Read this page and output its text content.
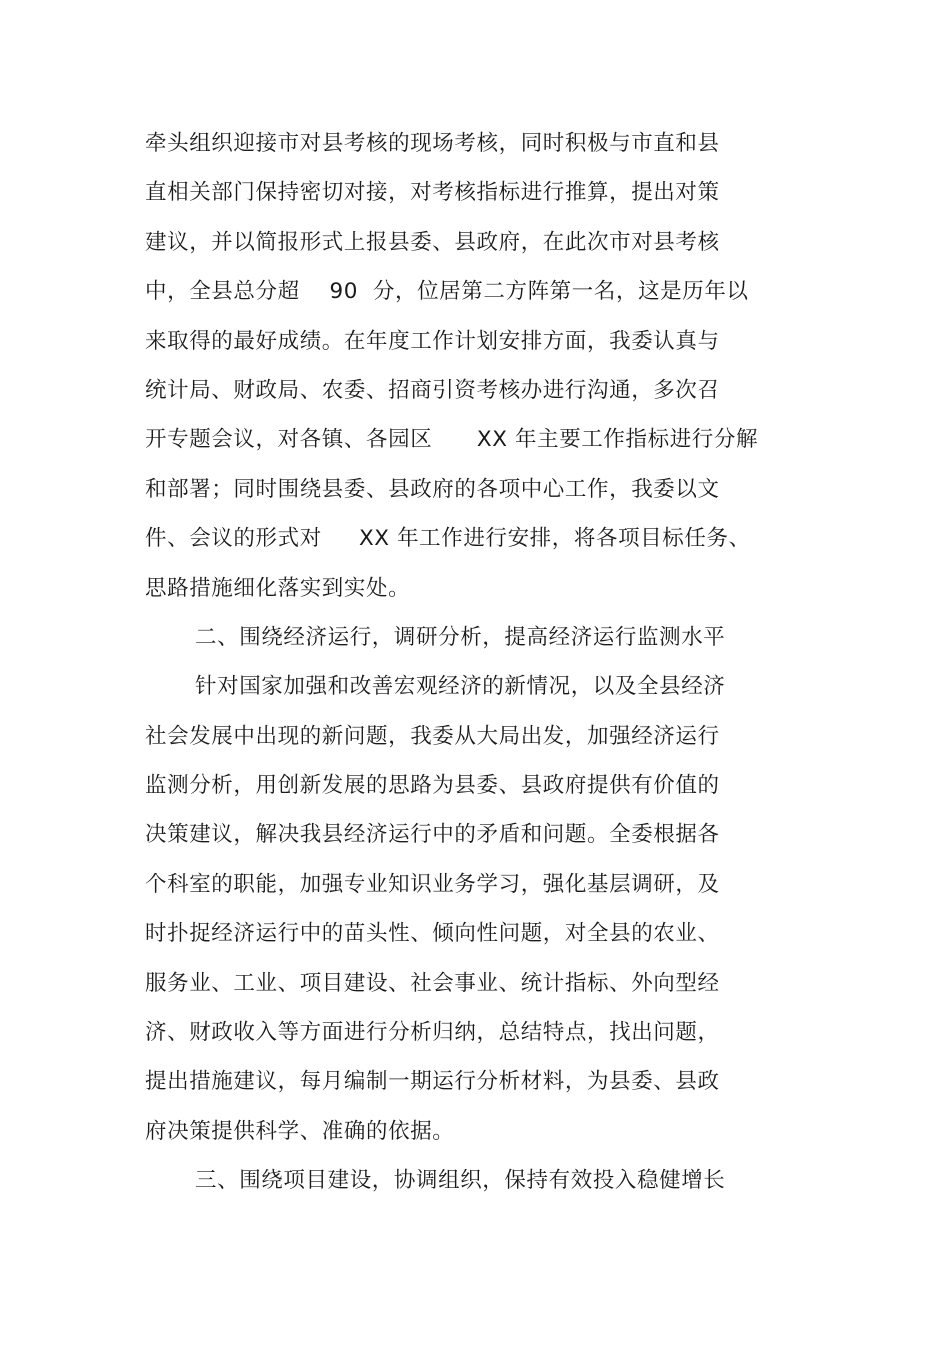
牵头组织迎接市对县考核的现场考核，同时积极与市直和县
直相关部门保持密切对接，对考核指标进行推算，提出对策
建议，并以简报形式上报县委、县政府，在此次市对县考核
中，全县总分超    90  分，位居第二方阵第一名，这是历年以
来取得的最好成绩。在年度工作计划安排方面，我委认真与
统计局、财政局、农委、招商引资考核办进行沟通，多次召
开专题会议，对各镇、各园区      XX 年主要工作指标进行分解
和部署；同时围绕县委、县政府的各项中心工作，我委以文
件、会议的形式对     XX 年工作进行安排，将各项目标任务、
思路措施细化落实到实处。
二、围绕经济运行，调研分析，提高经济运行监测水平
针对国家加强和改善宏观经济的新情况，以及全县经济
社会发展中出现的新问题，我委从大局出发，加强经济运行
监测分析，用创新发展的思路为县委、县政府提供有价值的
决策建议，解决我县经济运行中的矛盾和问题。全委根据各
个科室的职能，加强专业知识业务学习，强化基层调研，及
时扑捉经济运行中的苗头性、倾向性问题，对全县的农业、
服务业、工业、项目建设、社会事业、统计指标、外向型经
济、财政收入等方面进行分析归纳，总结特点，找出问题，
提出措施建议，每月编制一期运行分析材料，为县委、县政
府决策提供科学、准确的依据。
三、围绕项目建设，协调组织，保持有效投入稳健增长
